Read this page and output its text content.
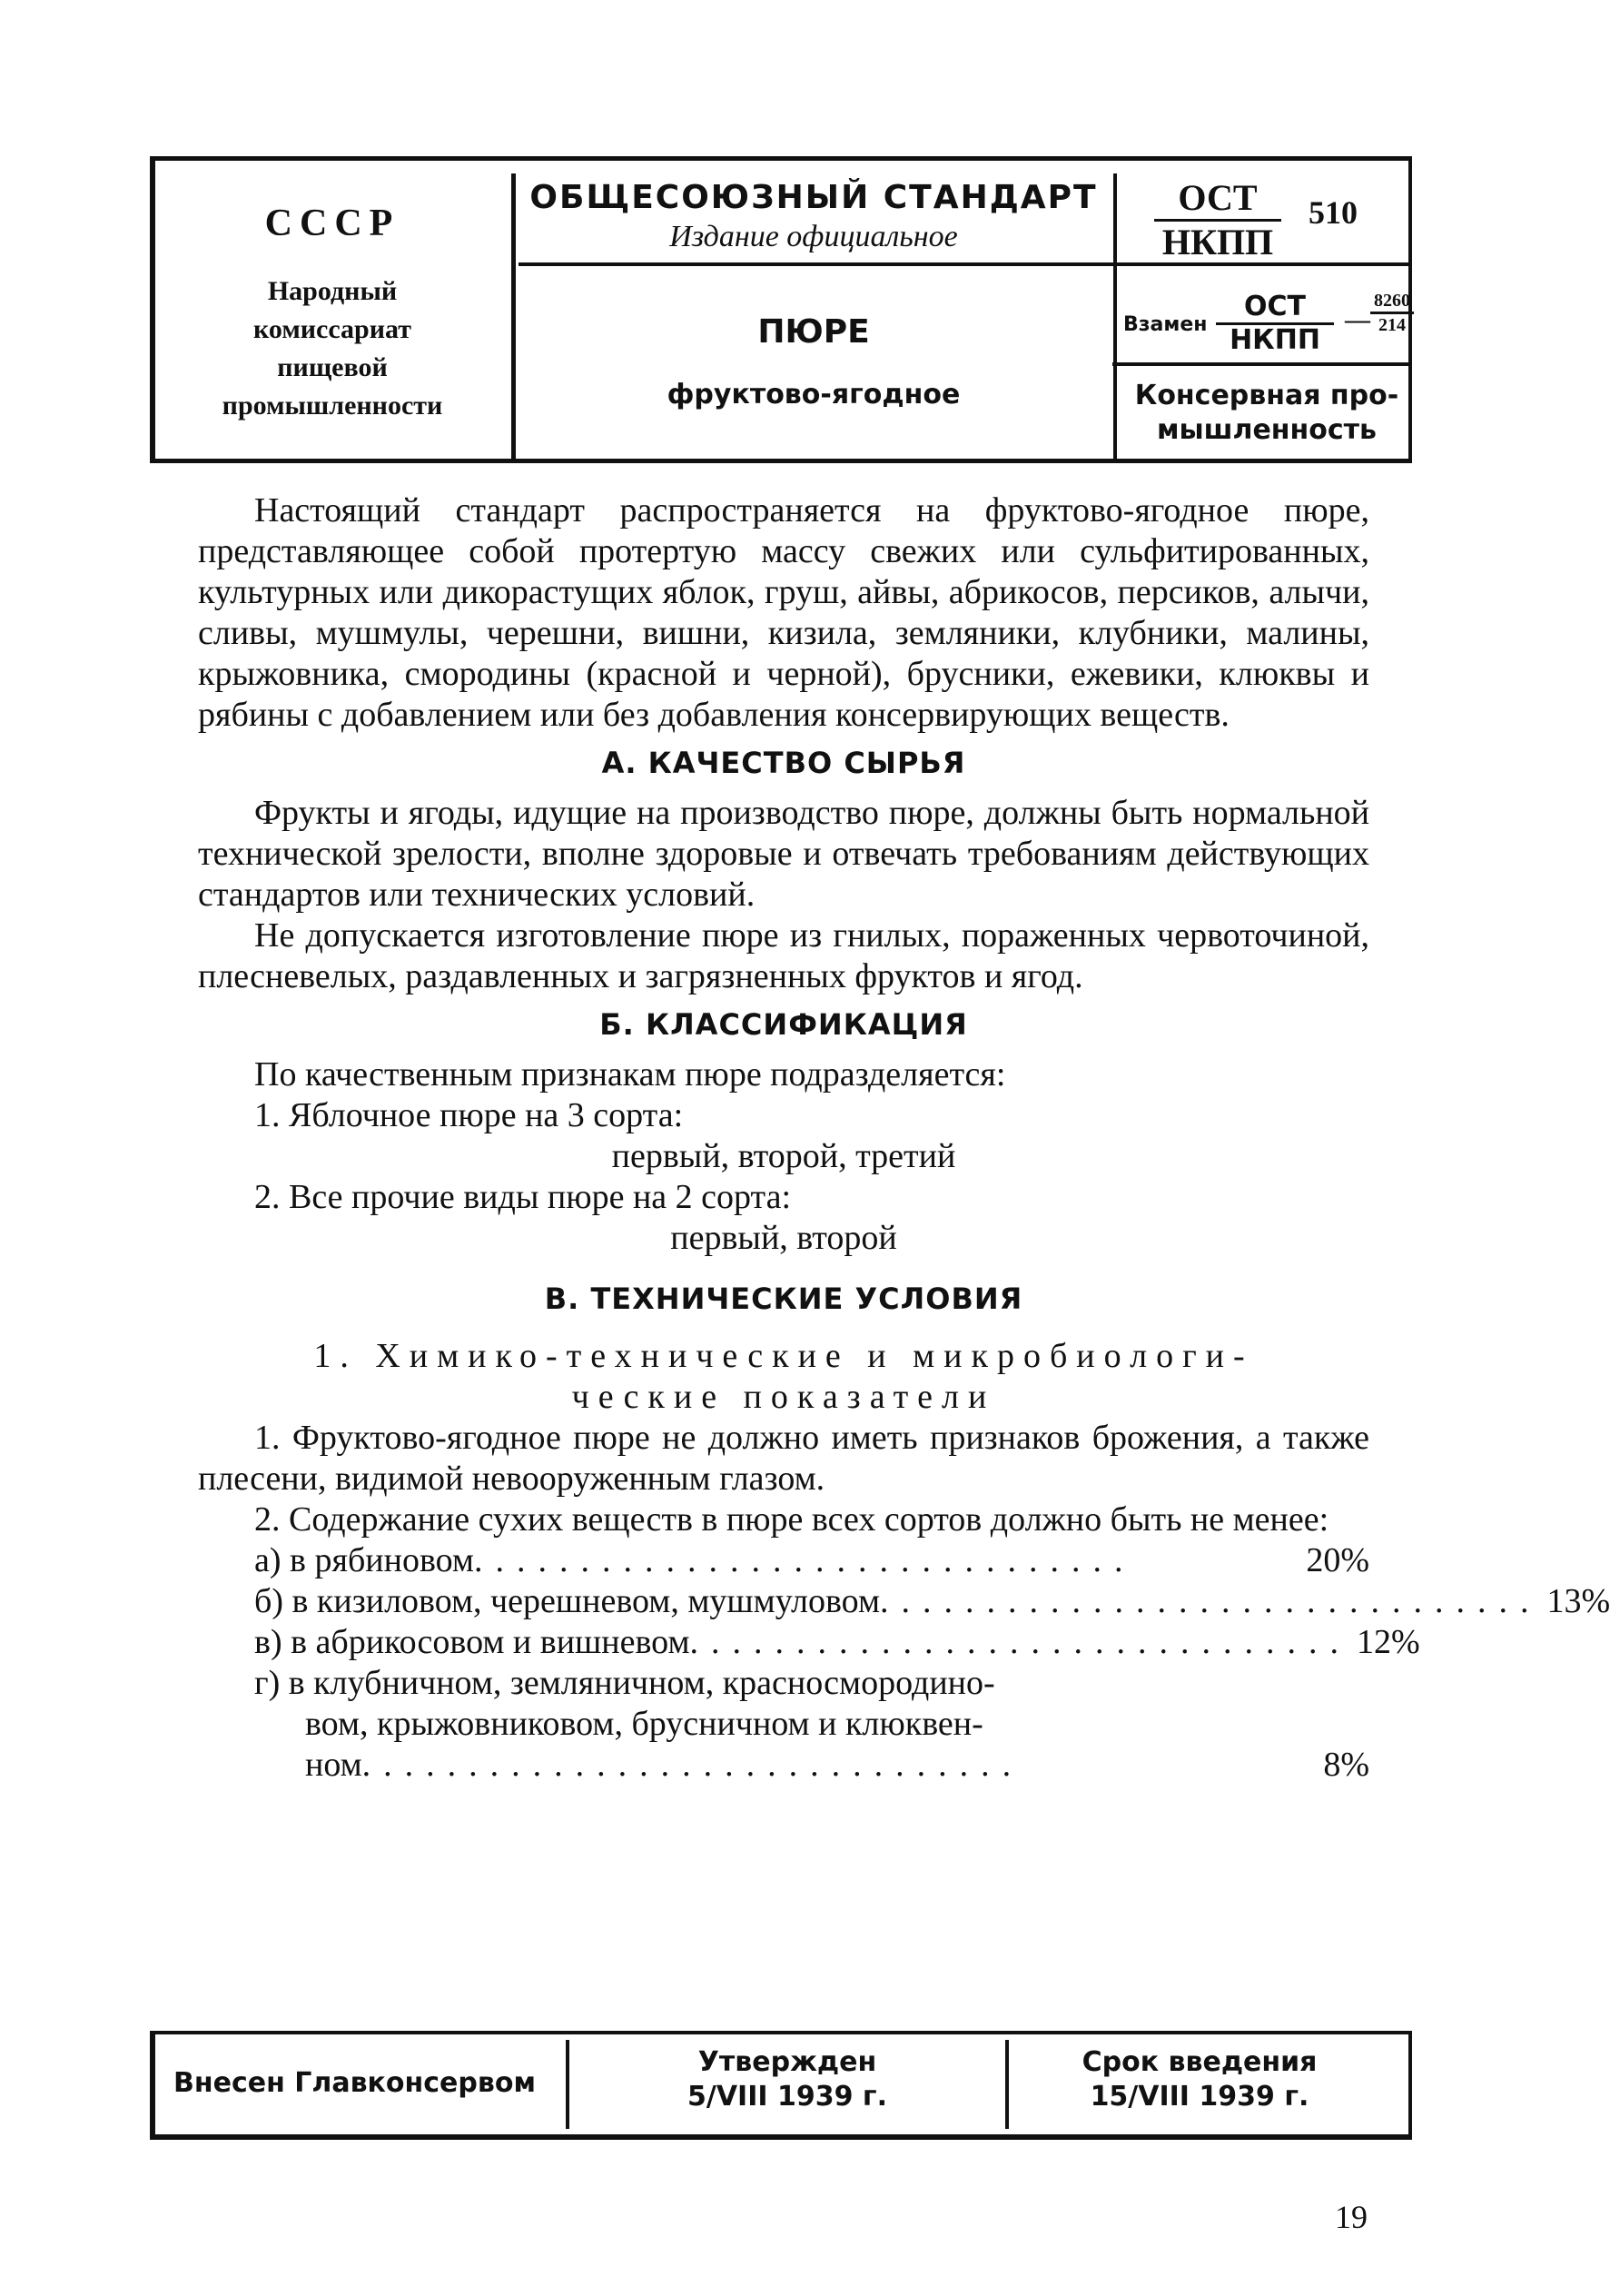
СССР
Народный
комиссариат
пищевой
промышленности
ОБЩЕСОЮЗНЫЙ СТАНДАРТ
Издание официальное
ПЮРЕ
фруктово-ягодное
ОСТ
НКПП
510
Взамен
ОСТ
НКПП
— $\frac{8260}{214}$
Консервная про-
мышленность

Настоящий стандарт распространяется на фруктово-ягодное пюре, представляющее собой протертую массу свежих или сульфитированных, культурных или дикорастущих яблок, груш, айвы, абрикосов, персиков, алычи, сливы, мушмулы, черешни, вишни, кизила, земляники, клубники, малины, крыжовника, смородины (красной и черной), брусники, ежевики, клюквы и рябины с добавлением или без добавления консервирующих веществ.

А. КАЧЕСТВО СЫРЬЯ

Фрукты и ягоды, идущие на производство пюре, должны быть нормальной технической зрелости, вполне здоровые и отвечать требованиям действующих стандартов или технических условий.

Не допускается изготовление пюре из гнилых, пораженных червоточиной, плесневелых, раздавленных и загрязненных фруктов и ягод.

Б. КЛАССИФИКАЦИЯ

По качественным признакам пюре подразделяется:

1. Яблочное пюре на 3 сорта:
первый, второй, третий
2. Все прочие виды пюре на 2 сорта:
первый, второй
В. ТЕХНИЧЕСКИЕ УСЛОВИЯ
1. Химико-технические и микробиологи-
ческие показатели

1. Фруктово-ягодное пюре не должно иметь признаков брожения, а также плесени, видимой невооруженным глазом.

2. Содержание сухих веществ в пюре всех сортов должно быть не менее:

а) в рябиновом ...............................	20%
б) в кизиловом, черешневом, мушмуловом ............................... 13%
в) в абрикосовом и вишневом ............................... 12%
г) в клубничном, земляничном, красносмородино-
вом, крыжовниковом, брусничном и клюквен-
ном ...............................	8%
Внесен Главконсервом
Утвержден
5/VIII 1939 г.
Срок введения
15/VIII 1939 г.
19
